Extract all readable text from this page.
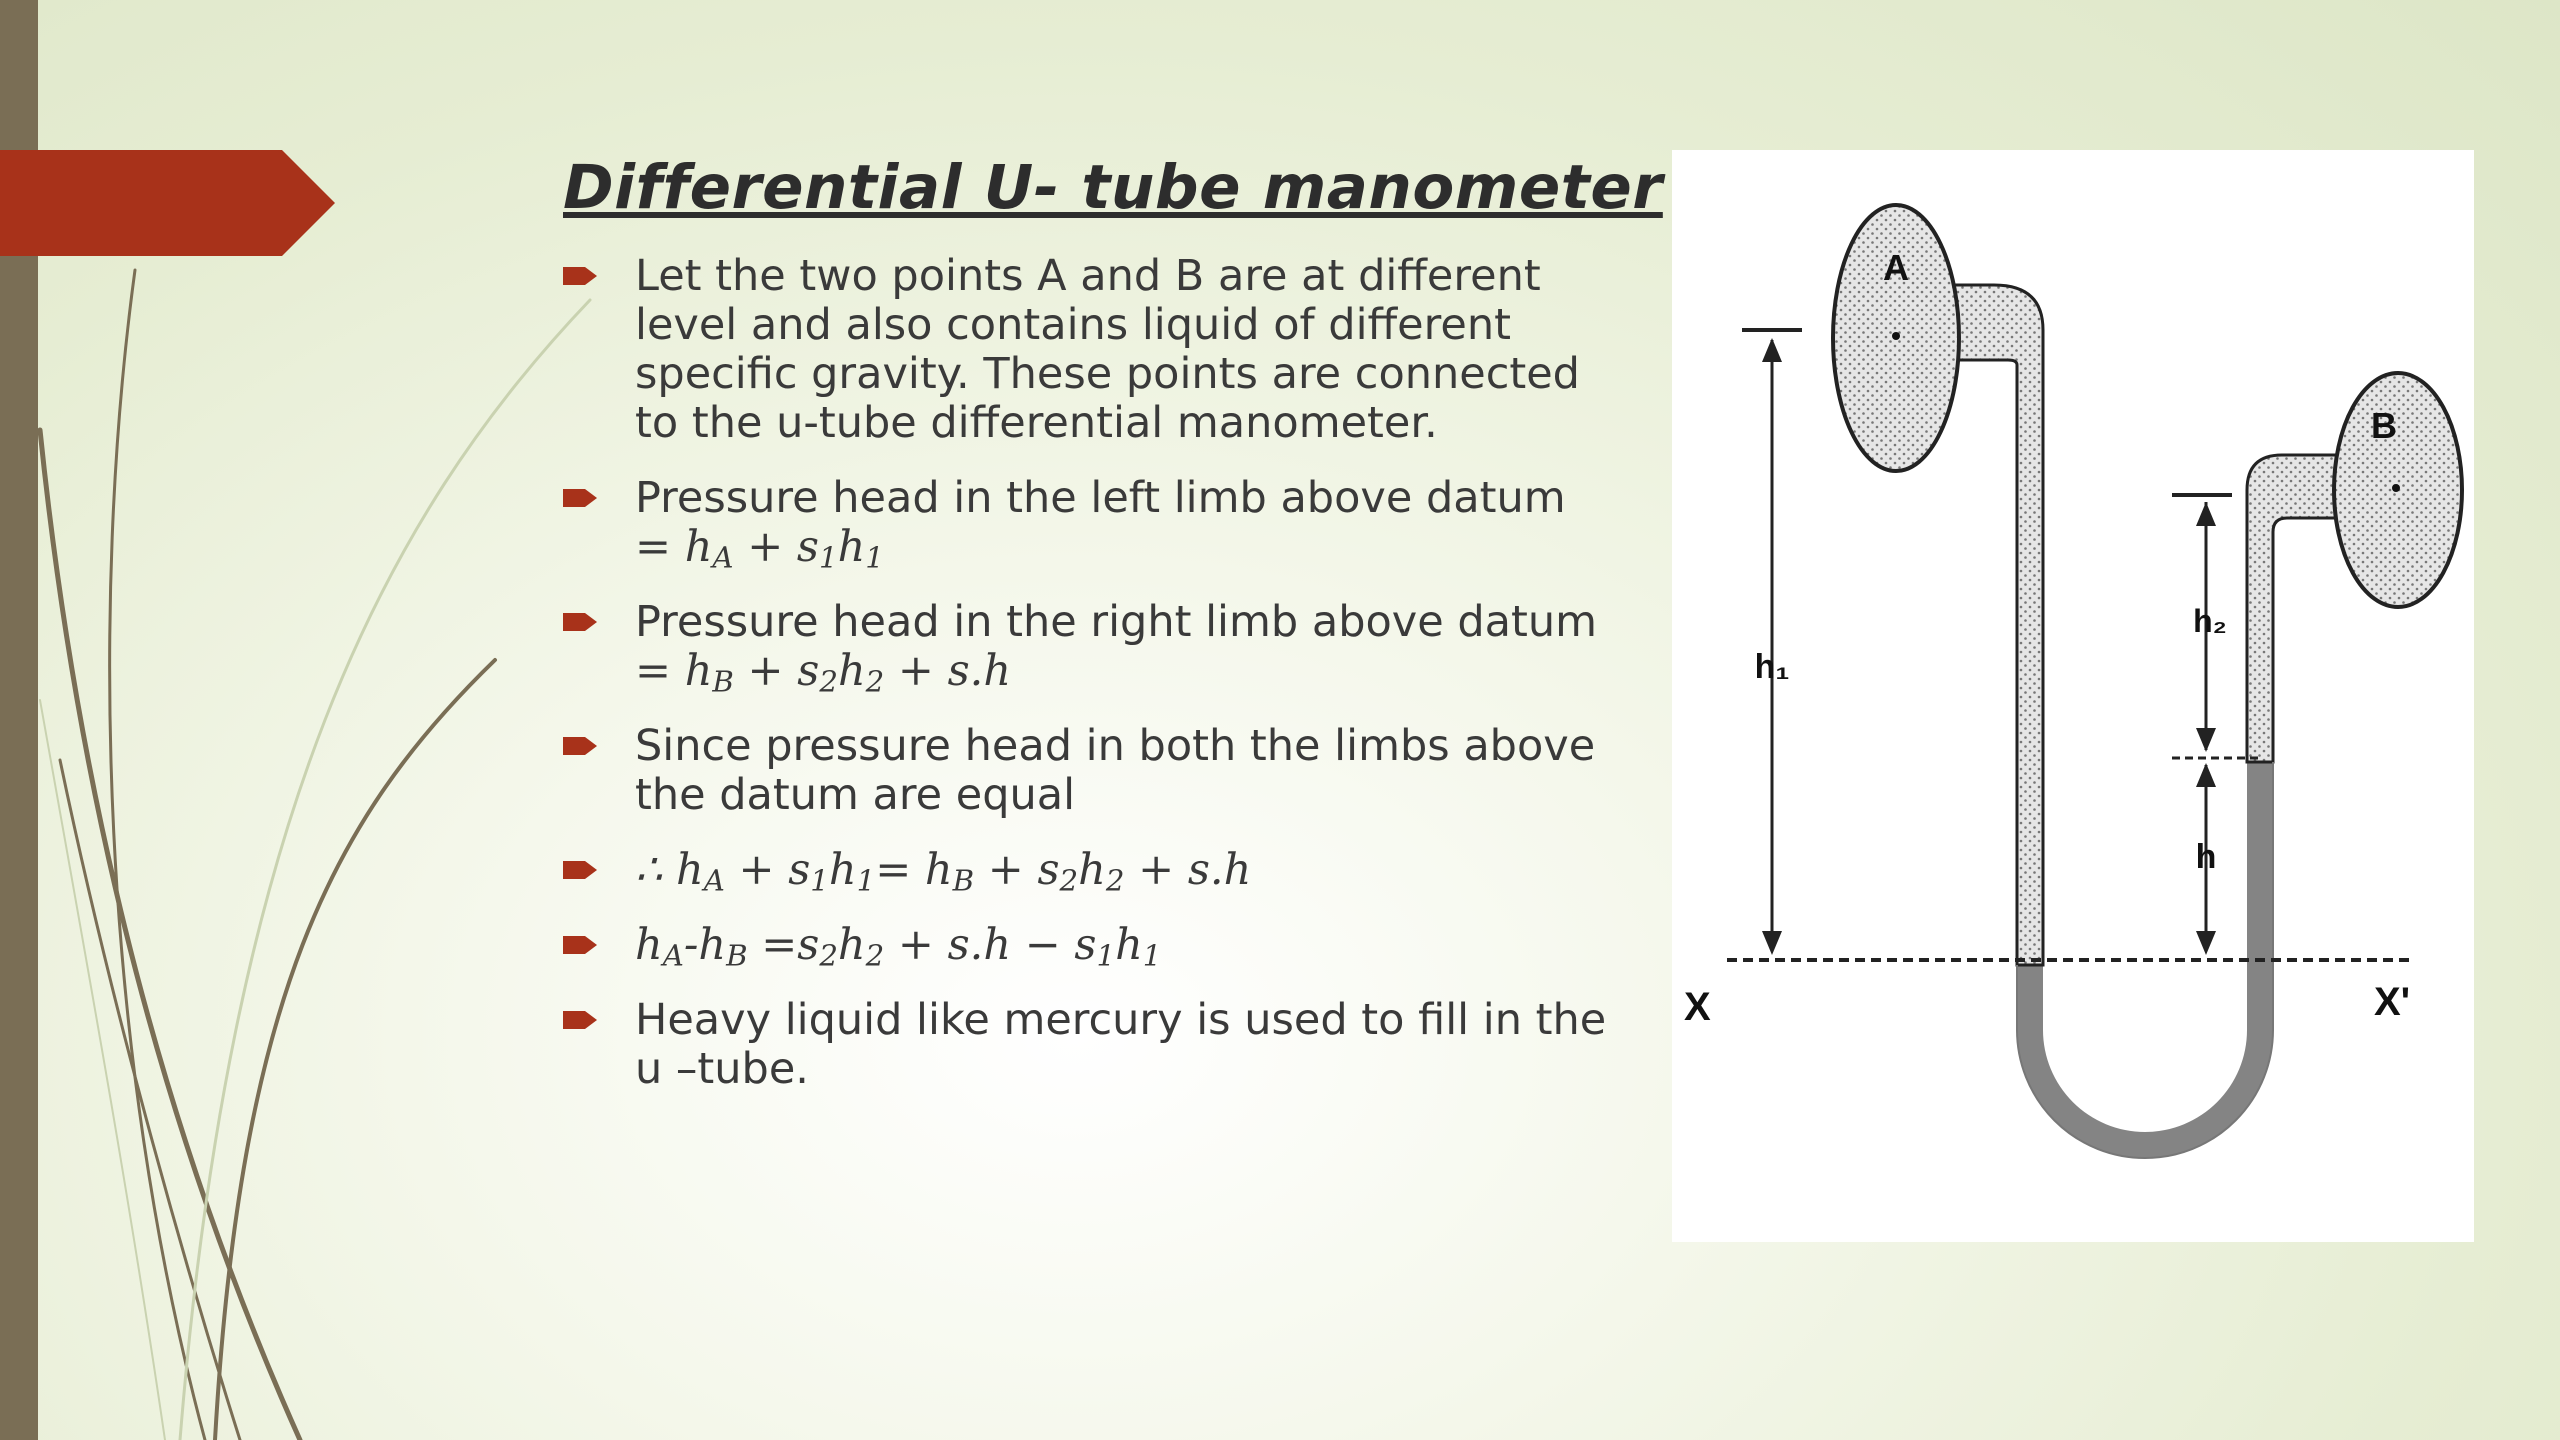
Differential U- tube manometer
Let the two points A and B are at different level and also contains liquid of different specific gravity. These points are connected to the u-tube differential manometer.
Pressure head in the left limb above datum
= $h_A + s_1h_1$
Pressure head in the right limb above datum = $h_B + s_2h_2 + s.h$
Since pressure head in both the limbs above the datum are equal
∴ $h_A + s_1h_1= h_B + s_2h_2 + s.h$
$h_A-h_B =s_2h_2 + s.h - s_1h_1$
Heavy liquid like mercury is used to fill in the u –tube.
A
B
h₁
h₂
h
X	X'
